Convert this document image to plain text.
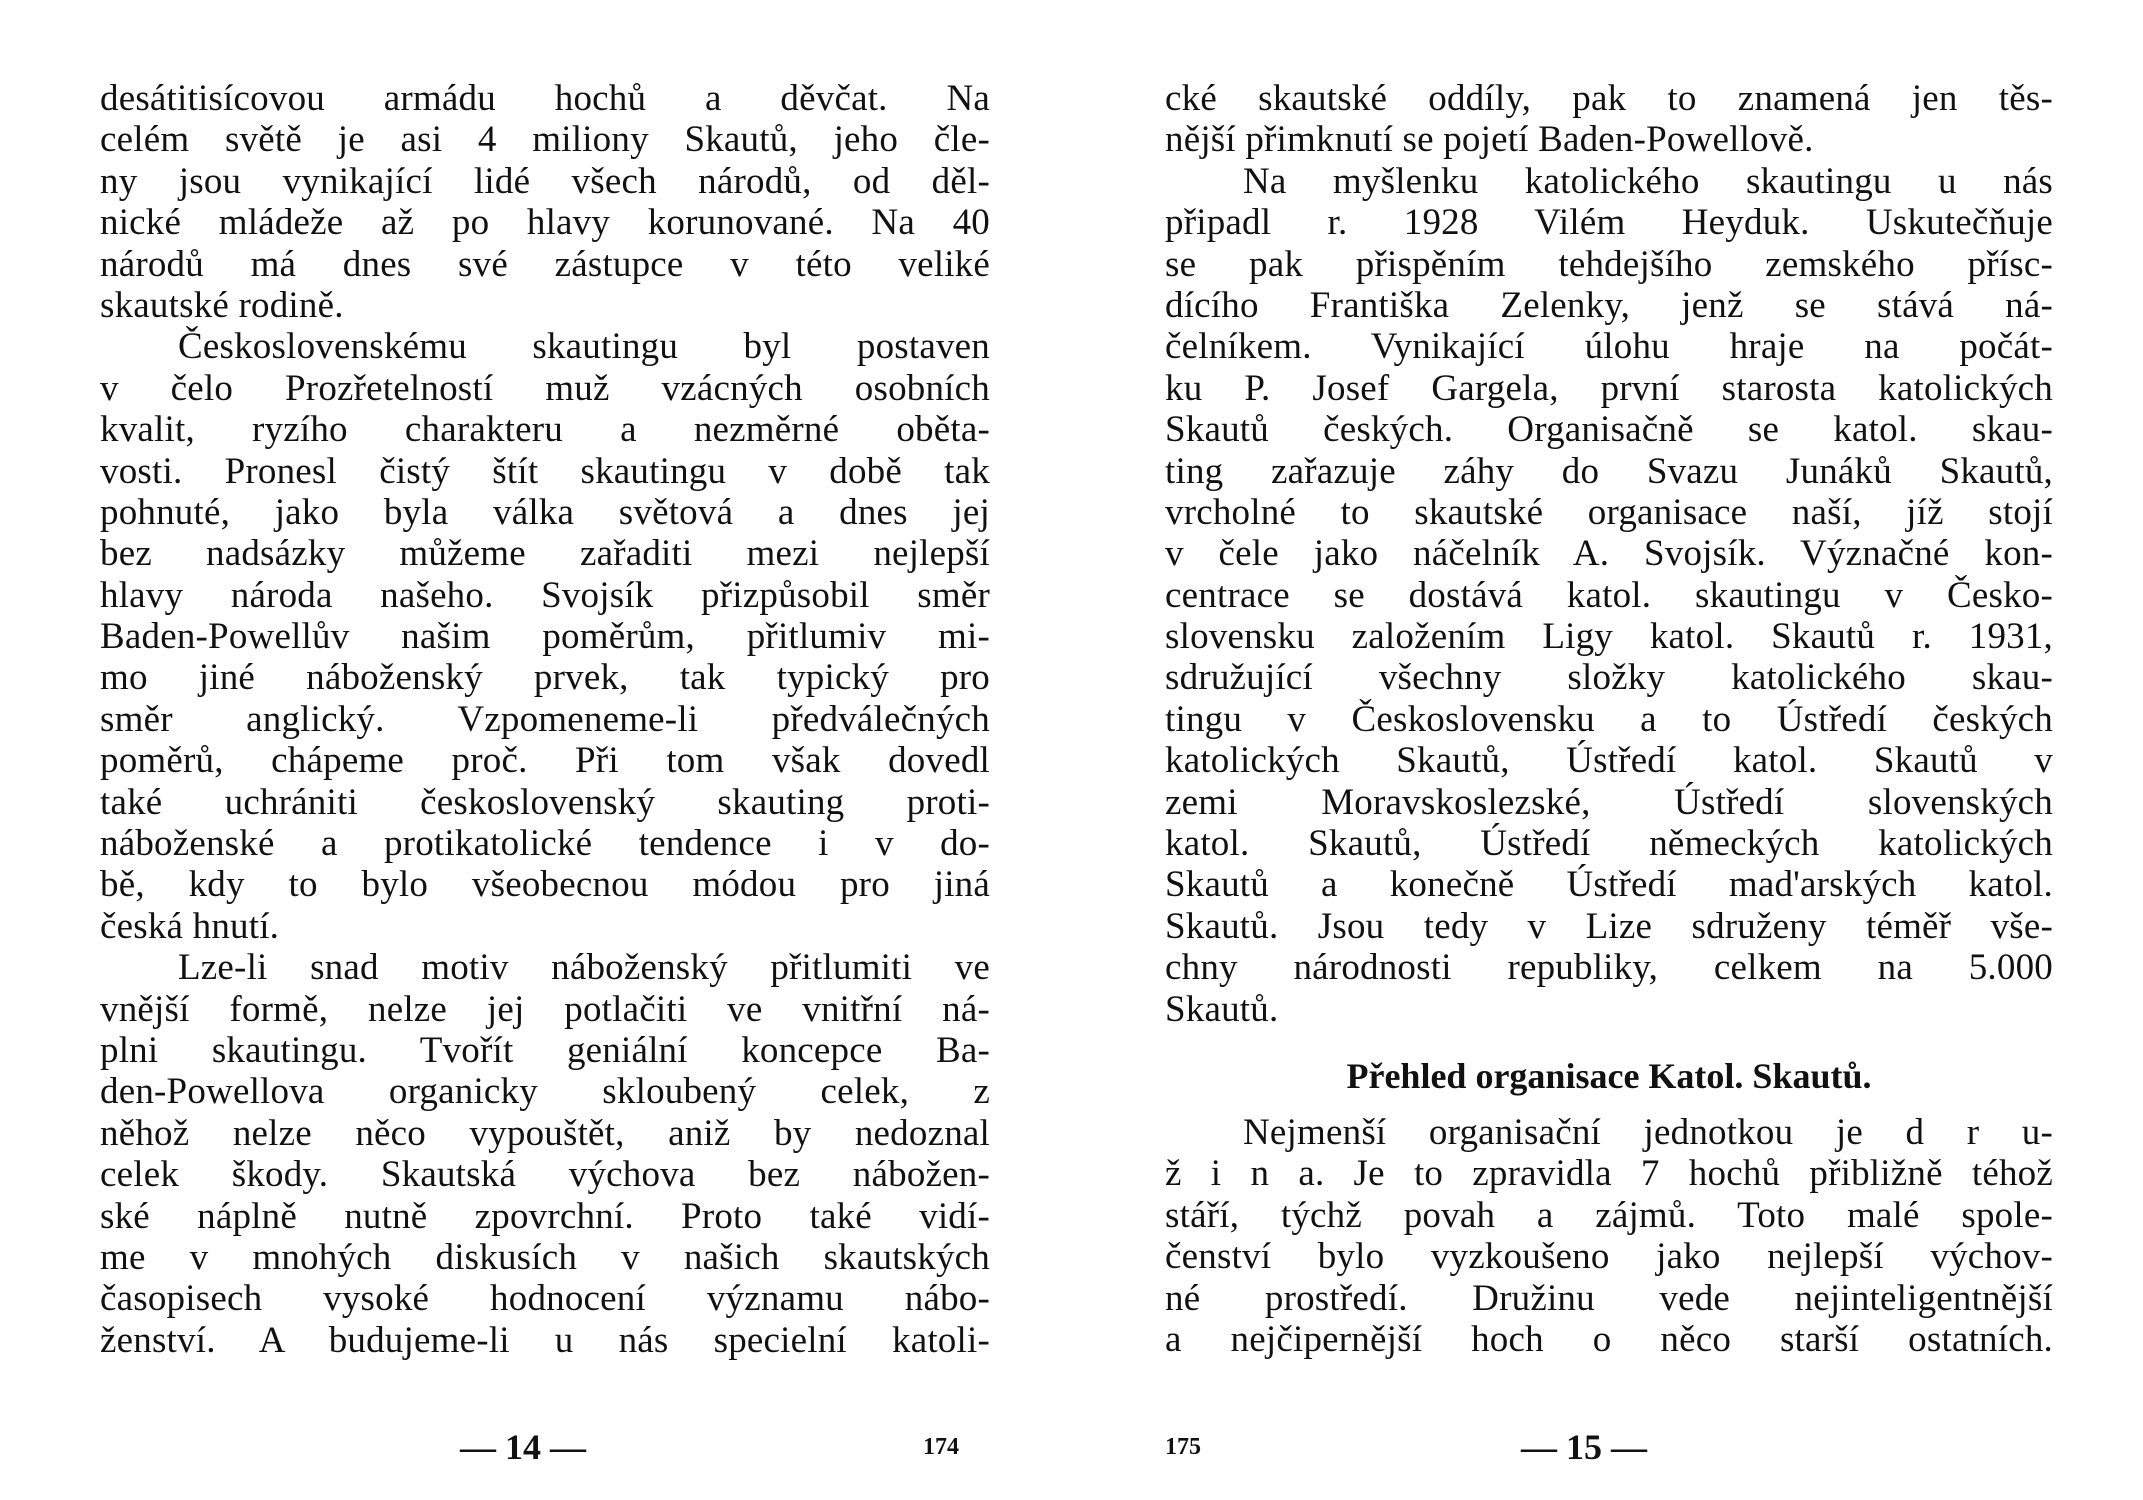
desátitisícovou armádu hochů a děvčat. Na
celém světě je asi 4 miliony Skautů, jeho čle-
ny jsou vynikající lidé všech národů, od děl-
nické mládeže až po hlavy korunované. Na 40
národů má dnes své zástupce v této veliké
skautské rodině.
Československému skautingu byl postaven
v čelo Prozřetelností muž vzácných osobních
kvalit, ryzího charakteru a nezměrné oběta-
vosti. Pronesl čistý štít skautingu v době tak
pohnuté, jako byla válka světová a dnes jej
bez nadsázky můžeme zařaditi mezi nejlepší
hlavy národa našeho. Svojsík přizpůsobil směr
Baden-Powellův našim poměrům, přitlumiv mi-
mo jiné náboženský prvek, tak typický pro
směr anglický. Vzpomeneme-li předválečných
poměrů, chápeme proč. Při tom však dovedl
také uchrániti československý skauting proti-
náboženské a protikatolické tendence i v do-
bě, kdy to bylo všeobecnou módou pro jiná
česká hnutí.
Lze-li snad motiv náboženský přitlumiti ve
vnější formě, nelze jej potlačiti ve vnitřní ná-
plni skautingu. Tvořít geniální koncepce Ba-
den-Powellova organicky skloubený celek, z
něhož nelze něco vypouštět, aniž by nedoznal
celek škody. Skautská výchova bez nábožen-
ské náplně nutně zpovrchní. Proto také vidí-
me v mnohých diskusích v našich skautských
časopisech vysoké hodnocení významu nábo-
ženství. A budujeme-li u nás specielní katoli-
— 14 —	174
cké skautské oddíly, pak to znamená jen těs-
nější přimknutí se pojetí Baden-Powellově.
Na myšlenku katolického skautingu u nás
připadl r. 1928 Vilém Heyduk. Uskutečňuje
se pak přispěním tehdejšího zemského přísc-
dícího Františka Zelenky, jenž se stává ná-
čelníkem. Vynikající úlohu hraje na počát-
ku P. Josef Gargela, první starosta katolických
Skautů českých. Organisačně se katol. skau-
ting zařazuje záhy do Svazu Junáků Skautů,
vrcholné to skautské organisace naší, jíž stojí
v čele jako náčelník A. Svojsík. Význačné kon-
centrace se dostává katol. skautingu v Česko-
slovensku založením Ligy katol. Skautů r. 1931,
sdružující všechny složky katolického skau-
tingu v Československu a to Ústředí českých
katolických Skautů, Ústředí katol. Skautů v
zemi Moravskoslezské, Ústředí slovenských
katol. Skautů, Ústředí německých katolických
Skautů a konečně Ústředí mad'arských katol.
Skautů. Jsou tedy v Lize sdruženy téměř vše-
chny národnosti republiky, celkem na 5.000
Skautů.
Přehled organisace Katol. Skautů.
Nejmenší organisační jednotkou je d r u-
ž i n a. Je to zpravidla 7 hochů přibližně téhož
stáří, týchž povah a zájmů. Toto malé spole-
čenství bylo vyzkoušeno jako nejlepší výchov-
né prostředí. Družinu vede nejinteligentnější
a nejčipernější hoch o něco starší ostatních.
175	— 15 —
